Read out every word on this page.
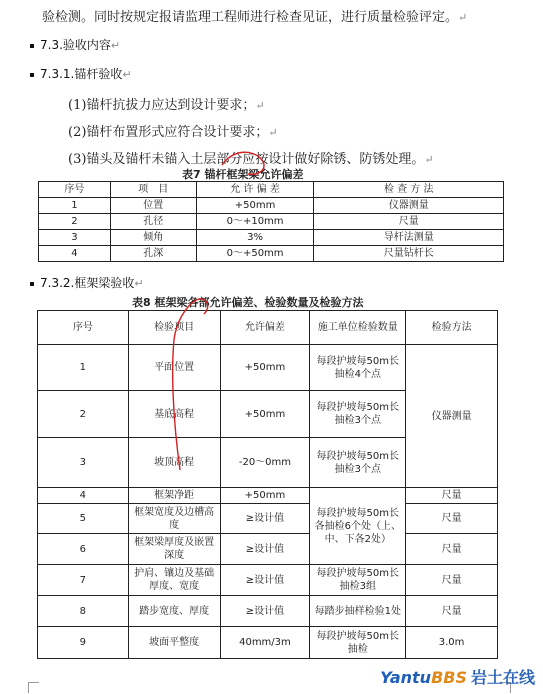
验检测。同时按规定报请监理工程师进行检查见证，进行质量检验评定。↵
7.3.验收内容↵
7.3.1.锚杆验收↵
(1)锚杆抗拔力应达到设计要求；↵
(2)锚杆布置形式应符合设计要求；↵
(3)锚头及锚杆未锚入土层部分应按设计做好除锈、防锈处理。↵
表7 锚杆框架梁允许偏差
序号	项　目	允 许 偏 差	检 查 方 法
1	位置	+50mm	仪器测量
2	孔径	0～+10mm	尺量
3	倾角	3%	导杆法测量
4	孔深	0～+50mm	尺量钻杆长
7.3.2.框架梁验收↵
表8 框架梁各部允许偏差、检验数量及检验方法
序号	检验项目	允许偏差	施工单位检验数量	检验方法
1	平面位置	+50mm	每段护坡每50m长抽检4个点	仪器测量
2	基底高程	+50mm	每段护坡每50m长抽检3个点	
3	坡顶高程	-20～0mm	每段护坡每50m长抽检3个点	
4	框架净距	+50mm	每段护坡每50m长各抽检6个处（上、中、下各2处）	尺量
5	框架宽度及边槽高度	≥设计值		尺量
6	框架梁厚度及嵌置深度	≥设计值		尺量
7	护肩、镶边及基础厚度、宽度	≥设计值	每段护坡每50m长抽检3组	尺量
8	踏步宽度、厚度	≥设计值	每踏步抽样检验1处	尺量
9	坡面平整度	40mm/3m	每段护坡每50m长抽检	3.0m
YantuBBS 岩土在线
